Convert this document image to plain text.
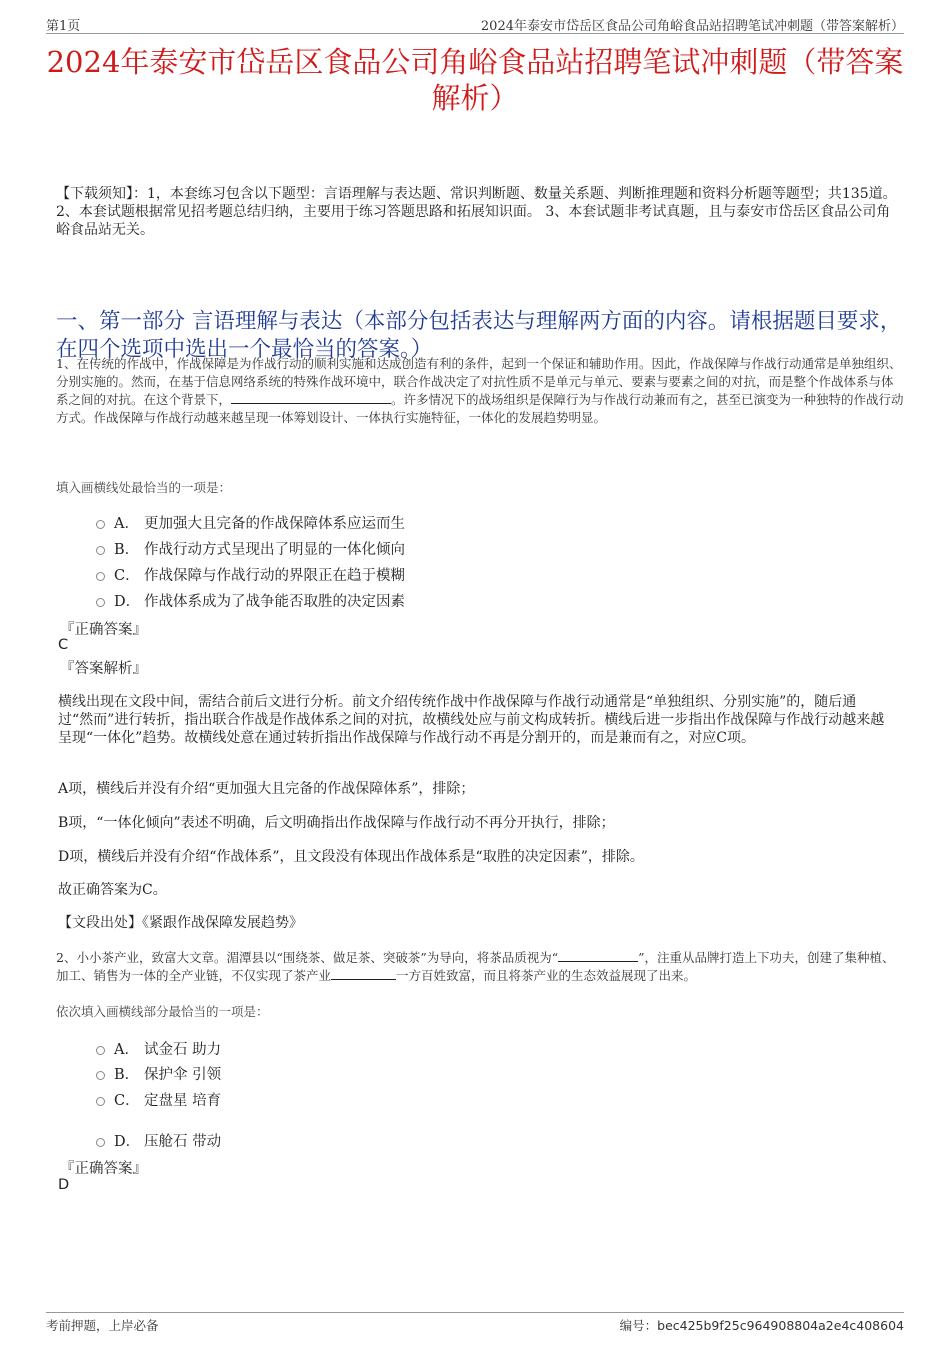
第1页	2024年泰安市岱岳区食品公司角峪食品站招聘笔试冲刺题（带答案解析）
2024年泰安市岱岳区食品公司角峪食品站招聘笔试冲刺题（带答案解析）
【下载须知】：1，本套练习包含以下题型：言语理解与表达题、常识判断题、数量关系题、判断推理题和资料分析题等题型；共135道。 2、本套试题根据常见招考题总结归纳，主要用于练习答题思路和拓展知识面。 3、本套试题非考试真题，且与泰安市岱岳区食品公司角峪食品站无关。
一、第一部分 言语理解与表达（本部分包括表达与理解两方面的内容。请根据题目要求，在四个选项中选出一个最恰当的答案。）
1、在传统的作战中，作战保障是为作战行动的顺利实施和达成创造有利的条件，起到一个保证和辅助作用。因此，作战保障与作战行动通常是单独组织、分别实施的。然而，在基于信息网络系统的特殊作战环境中，联合作战决定了对抗性质不是单元与单元、要素与要素之间的对抗，而是整个作战体系与体系之间的对抗。在这个背景下，	。许多情况下的战场组织是保障行为与作战行动兼而有之，甚至已演变为一种独特的作战行动方式。作战保障与作战行动越来越呈现一体筹划设计、一体执行实施特征，一体化的发展趋势明显。
填入画横线处最恰当的一项是：
A． 更加强大且完备的作战保障体系应运而生
B． 作战行动方式呈现出了明显的一体化倾向
C． 作战保障与作战行动的界限正在趋于模糊
D． 作战体系成为了战争能否取胜的决定因素
『正确答案』
C
『答案解析』
横线出现在文段中间，需结合前后文进行分析。前文介绍传统作战中作战保障与作战行动通常是“单独组织、分别实施”的，随后通过“然而”进行转折，指出联合作战是作战体系之间的对抗，故横线处应与前文构成转折。横线后进一步指出作战保障与作战行动越来越呈现“一体化”趋势。故横线处意在通过转折指出作战保障与作战行动不再是分割开的，而是兼而有之，对应C项。
A项，横线后并没有介绍“更加强大且完备的作战保障体系”，排除；
B项，“一体化倾向”表述不明确，后文明确指出作战保障与作战行动不再分开执行，排除；
D项，横线后并没有介绍“作战体系”，且文段没有体现出作战体系是“取胜的决定因素”，排除。
故正确答案为C。
【文段出处】《紧跟作战保障发展趋势》
2、小小茶产业，致富大文章。湄潭县以“围绕茶、做足茶、突破茶”为导向，将茶品质视为“	”，注重从品牌打造上下功夫，创建了集种植、加工、销售为一体的全产业链，不仅实现了茶产业	一方百姓致富，而且将茶产业的生态效益展现了出来。
依次填入画横线部分最恰当的一项是：
A． 试金石 助力
B． 保护伞 引领
C． 定盘星 培育
D． 压舱石 带动
『正确答案』
D
考前押题，上岸必备	编号：bec425b9f25c964908804a2e4c408604
